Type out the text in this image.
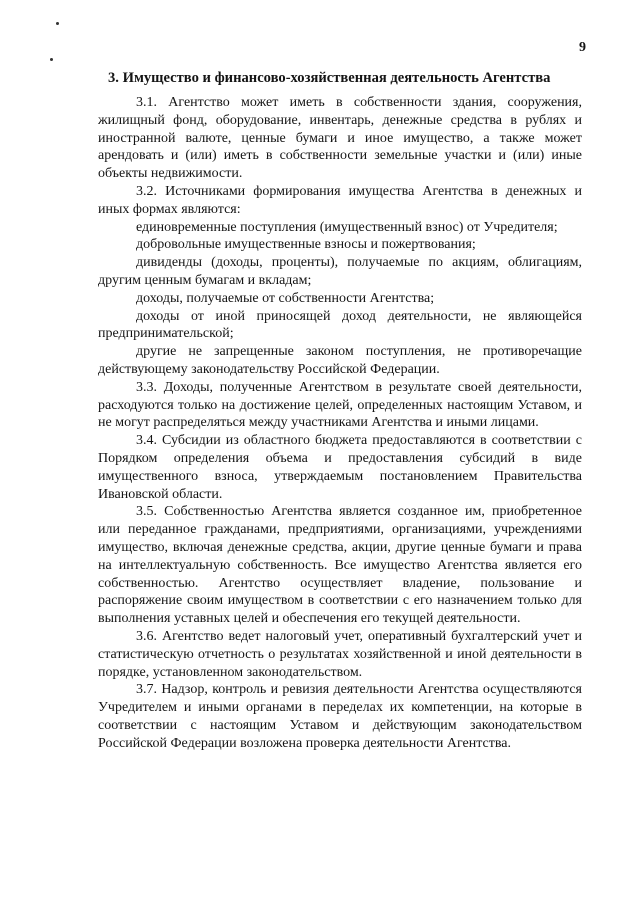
9
3. Имущество и финансово-хозяйственная деятельность Агентства

3.1. Агентство может иметь в собственности здания, сооружения, жилищный фонд, оборудование, инвентарь, денежные средства в рублях и иностранной валюте, ценные бумаги и иное имущество, а также может арендовать и (или) иметь в собственности земельные участки и (или) иные объекты недвижимости.

3.2. Источниками формирования имущества Агентства в денежных и иных формах являются:

единовременные поступления (имущественный взнос) от Учредителя;

добровольные имущественные взносы и пожертвования;

дивиденды (доходы, проценты), получаемые по акциям, облигациям, другим ценным бумагам и вкладам;

доходы, получаемые от собственности Агентства;

доходы от иной приносящей доход деятельности, не являющейся предпринимательской;

другие не запрещенные законом поступления, не противоречащие действующему законодательству Российской Федерации.

3.3. Доходы, полученные Агентством в результате своей деятельности, расходуются только на достижение целей, определенных настоящим Уставом, и не могут распределяться между участниками Агентства и иными лицами.

3.4. Субсидии из областного бюджета предоставляются в соответствии с Порядком определения объема и предоставления субсидий в виде имущественного взноса, утверждаемым постановлением Правительства Ивановской области.

3.5. Собственностью Агентства является созданное им, приобретенное или переданное гражданами, предприятиями, организациями, учреждениями имущество, включая денежные средства, акции, другие ценные бумаги и права на интеллектуальную собственность. Все имущество Агентства является его собственностью. Агентство осуществляет владение, пользование и распоряжение своим имуществом в соответствии с его назначением только для выполнения уставных целей и обеспечения его текущей деятельности.

3.6. Агентство ведет налоговый учет, оперативный бухгалтерский учет и статистическую отчетность о результатах хозяйственной и иной деятельности в порядке, установленном законодательством.

3.7. Надзор, контроль и ревизия деятельности Агентства осуществляются Учредителем и иными органами в переделах их компетенции, на которые в соответствии с настоящим Уставом и действующим законодательством Российской Федерации возложена проверка деятельности Агентства.
